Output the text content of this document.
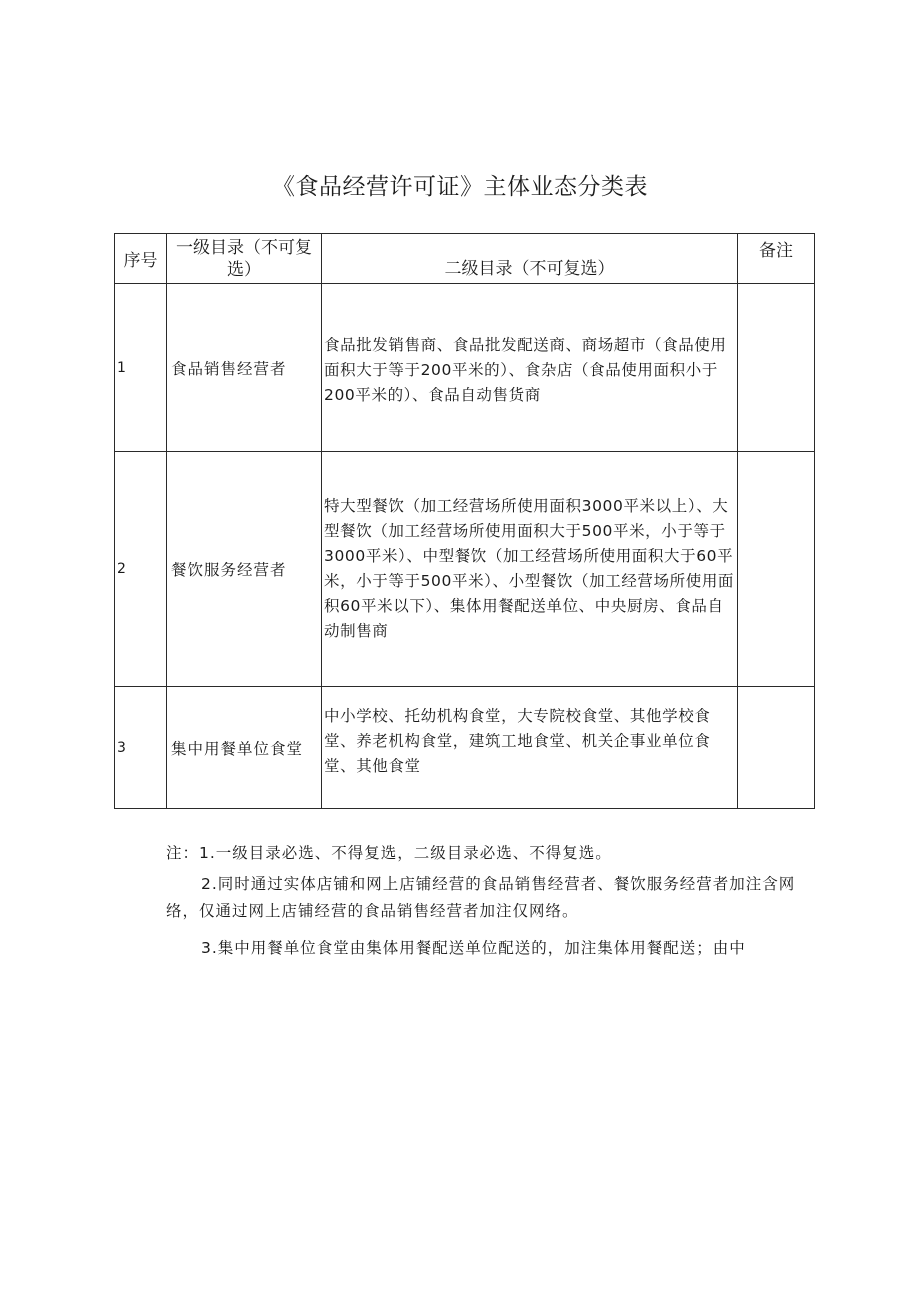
《食品经营许可证》主体业态分类表
序号	一级目录（不可复选）	二级目录（不可复选）	备注
1	食品销售经营者	食品批发销售商、食品批发配送商、商场超市（食品使用面积大于等于200平米的）、食杂店（食品使用面积小于200平米的）、食品自动售货商	
2	餐饮服务经营者	特大型餐饮（加工经营场所使用面积3000平米以上）、大型餐饮（加工经营场所使用面积大于500平米，小于等于3000平米）、中型餐饮（加工经营场所使用面积大于60平米，小于等于500平米）、小型餐饮（加工经营场所使用面积60平米以下）、集体用餐配送单位、中央厨房、食品自动制售商	
3	集中用餐单位食堂	中小学校、托幼机构食堂，大专院校食堂、其他学校食堂、养老机构食堂，建筑工地食堂、机关企事业单位食堂、其他食堂	

注：1.一级目录必选、不得复选，二级目录必选、不得复选。

2.同时通过实体店铺和网上店铺经营的食品销售经营者、餐饮服务经营者加注含网络，仅通过网上店铺经营的食品销售经营者加注仅网络。

3.集中用餐单位食堂由集体用餐配送单位配送的，加注集体用餐配送；由中
